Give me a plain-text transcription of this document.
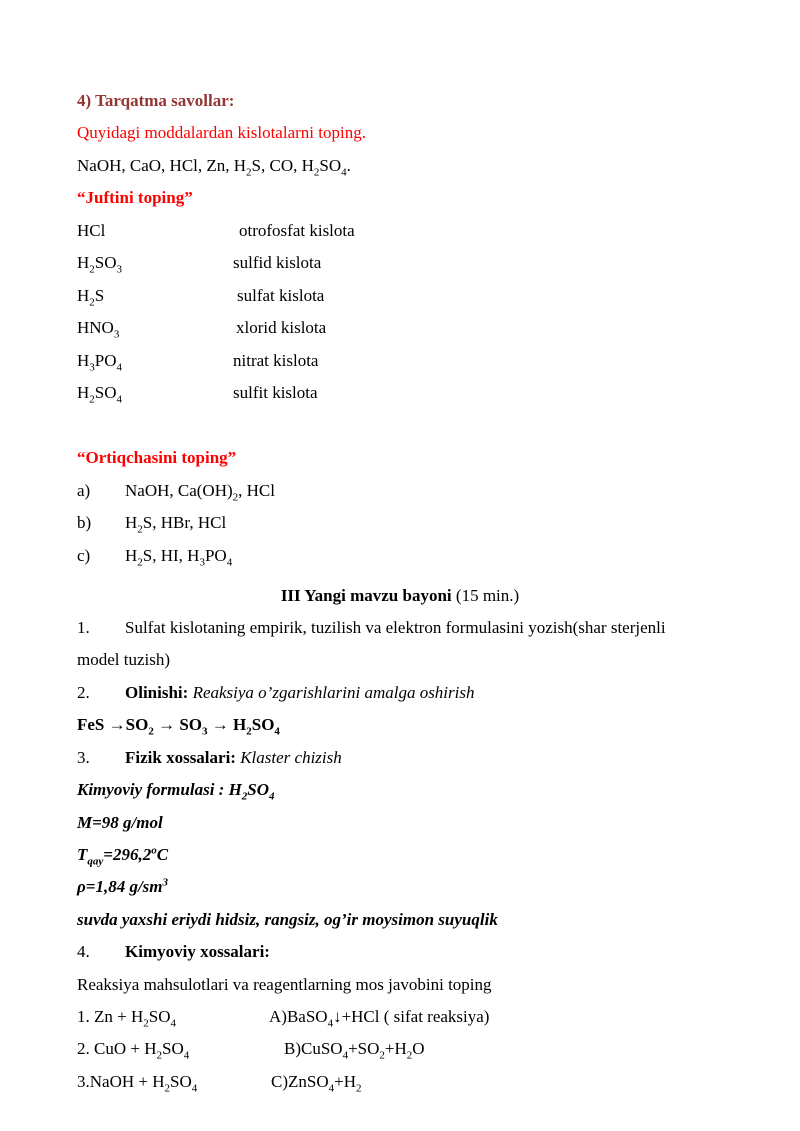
4) Tarqatma savollar:
Quyidagi moddalardan kislotalarni toping.
NaOH, CaO, HCl, Zn, $H_2S$, CO, $H_2SO_4$.
“Juftini toping”
HCl	otrofosfat kislota
$H_2SO_3$	sulfid kislota
$H_2S$	sulfat kislota
$HNO_3$	xlorid kislota
$H_3PO_4$	nitrat kislota
$H_2SO_4$	sulfit kislota
“Ortiqchasini toping”
a) NaOH, $Ca(OH)_2$, HCl
b) $H_2S$, HBr, HCl
c) $H_2S$, HI, $H_3PO_4$
III Yangi mavzu bayoni (15 min.)
1. Sulfat kislotaning empirik, tuzilish va elektron formulasini yozish(shar sterjenli
model tuzish)
2. Olinishi: Reaksiya o’zgarishlarini amalga oshirish
FeS $\to SO_2 \to SO_3 \to H_2SO_4$
3. Fizik xossalari: Klaster chizish
Kimyoviy formulasi : $H_2SO_4$
M=98 g/mol
$T_{qay}=296,2^oC$
ρ=1,84 $g/sm^3$
suvda yaxshi eriydi hidsiz, rangsiz, og’ir moysimon suyuqlik
4. Kimyoviy xossalari:
Reaksiya mahsulotlari va reagentlarning mos javobini toping
1. $Zn + H_2SO_4$	A)BaSO$_4$↓+HCl ( sifat reaksiya)
2. CuO + $H_2SO_4$	$B)CuSO_4+SO_2+H_2O$
3.NaOH + $H_2SO_4$	$C)ZnSO_4+H_2$
